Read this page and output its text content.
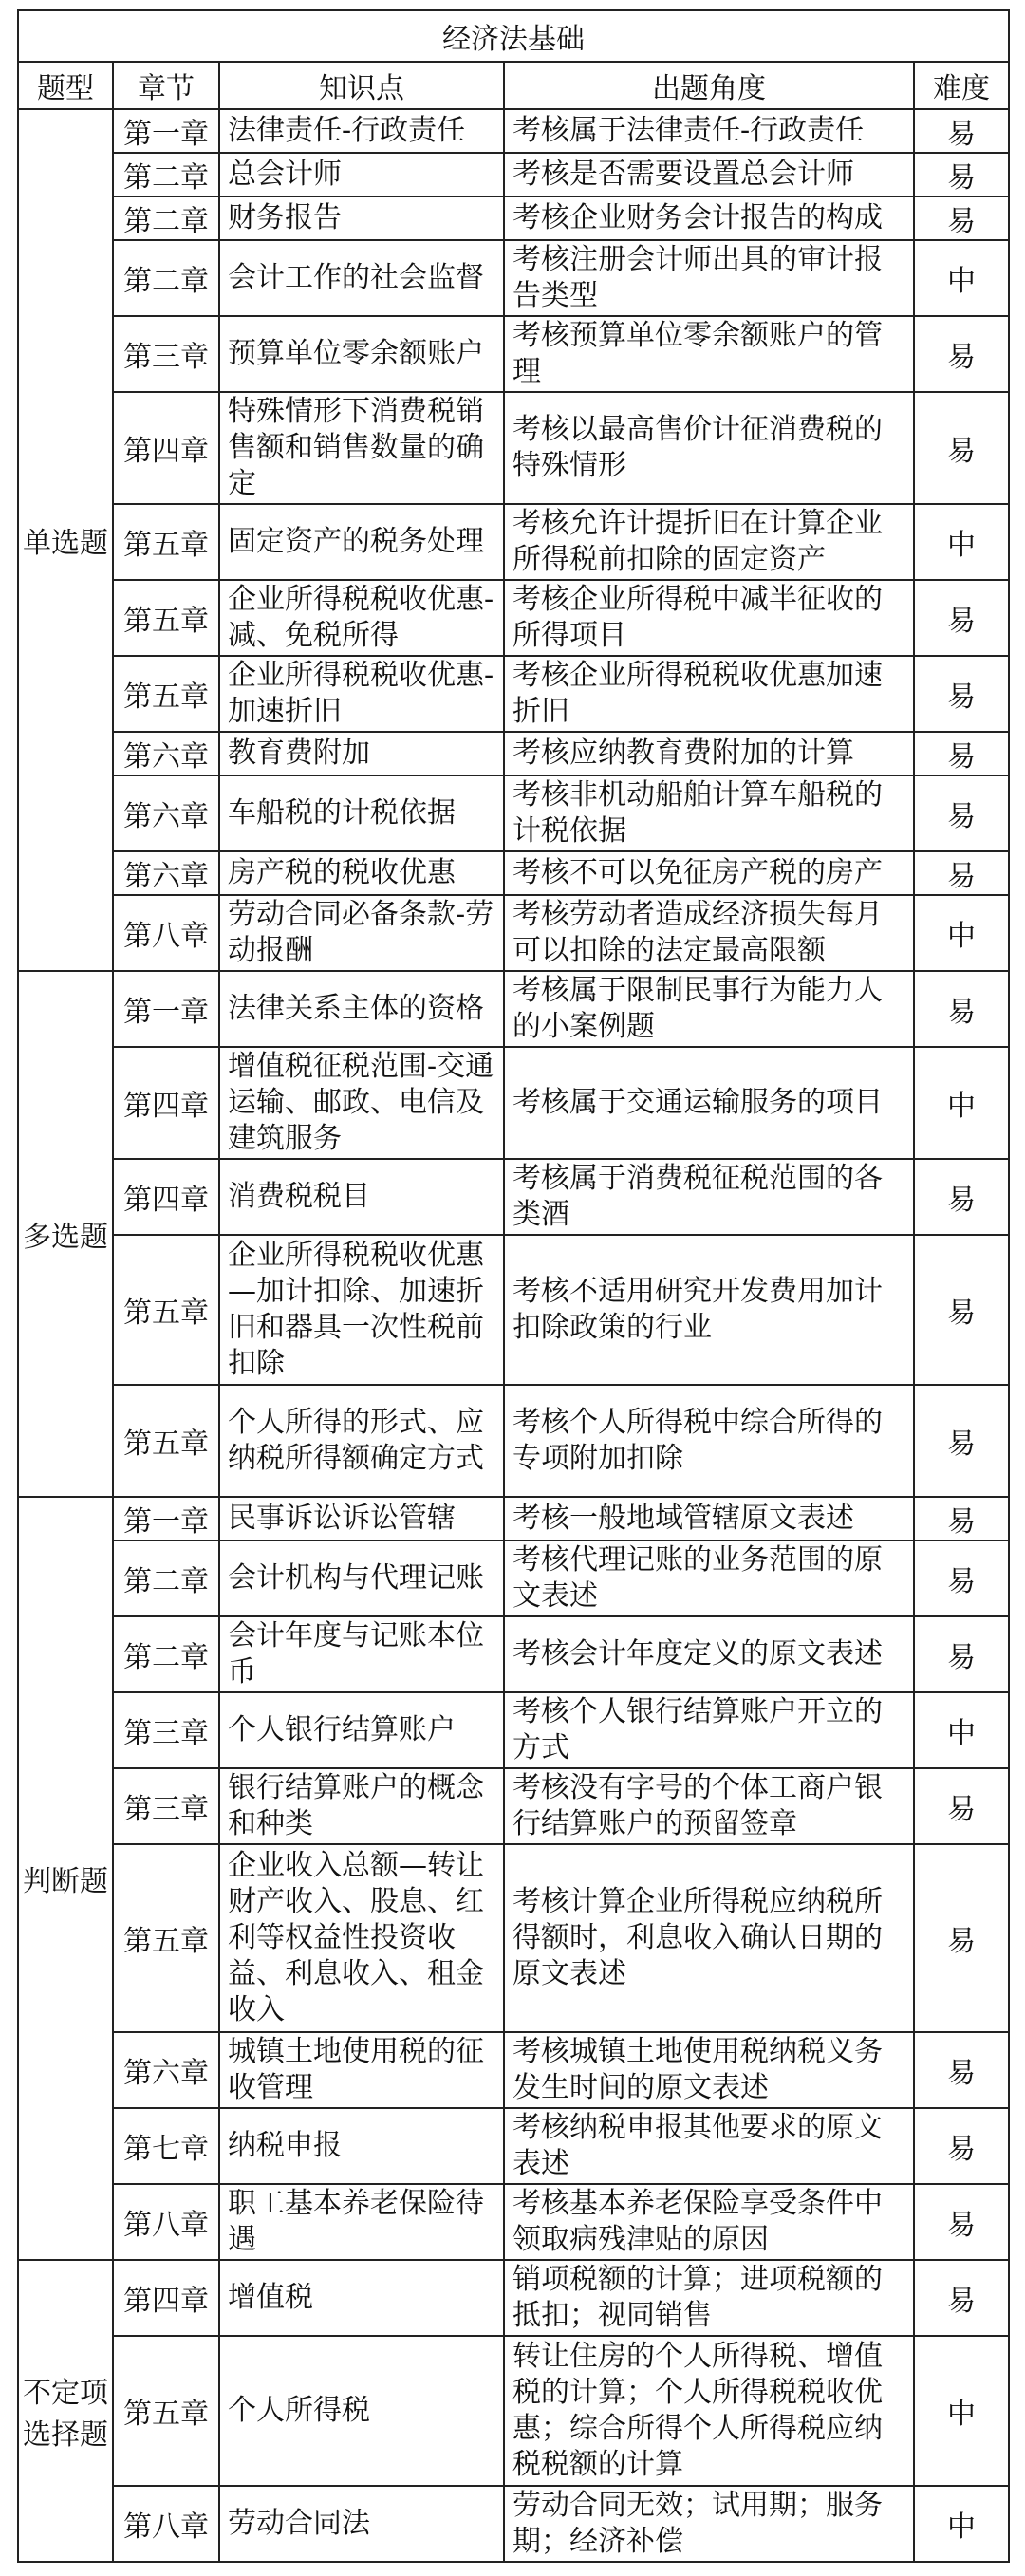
经济法基础				
题型	章节	知识点	出题角度	难度
单选题	第一章	法律责任-行政责任	考核属于法律责任-行政责任	易
	第二章	总会计师	考核是否需要设置总会计师	易
	第二章	财务报告	考核企业财务会计报告的构成	易
	第二章	会计工作的社会监督	考核注册会计师出具的审计报告类型	中
	第三章	预算单位零余额账户	考核预算单位零余额账户的管理	易
	第四章	特殊情形下消费税销售额和销售数量的确定	考核以最高售价计征消费税的特殊情形	易
	第五章	固定资产的税务处理	考核允许计提折旧在计算企业所得税前扣除的固定资产	中
	第五章	企业所得税税收优惠-减、免税所得	考核企业所得税中减半征收的所得项目	易
	第五章	企业所得税税收优惠-加速折旧	考核企业所得税税收优惠加速折旧	易
	第六章	教育费附加	考核应纳教育费附加的计算	易
	第六章	车船税的计税依据	考核非机动船舶计算车船税的计税依据	易
	第六章	房产税的税收优惠	考核不可以免征房产税的房产	易
	第八章	劳动合同必备条款-劳动报酬	考核劳动者造成经济损失每月可以扣除的法定最高限额	中
多选题	第一章	法律关系主体的资格	考核属于限制民事行为能力人的小案例题	易
	第四章	增值税征税范围-交通运输、邮政、电信及建筑服务	考核属于交通运输服务的项目	中
	第四章	消费税税目	考核属于消费税征税范围的各类酒	易
	第五章	企业所得税税收优惠—加计扣除、加速折旧和器具一次性税前扣除	考核不适用研究开发费用加计扣除政策的行业	易
	第五章	个人所得的形式、应纳税所得额确定方式	考核个人所得税中综合所得的专项附加扣除	易
判断题	第一章	民事诉讼诉讼管辖	考核一般地域管辖原文表述	易
	第二章	会计机构与代理记账	考核代理记账的业务范围的原文表述	易
	第二章	会计年度与记账本位币	考核会计年度定义的原文表述	易
	第三章	个人银行结算账户	考核个人银行结算账户开立的方式	中
	第三章	银行结算账户的概念和种类	考核没有字号的个体工商户银行结算账户的预留签章	易
	第五章	企业收入总额—转让财产收入、股息、红利等权益性投资收益、利息收入、租金收入	考核计算企业所得税应纳税所得额时，利息收入确认日期的原文表述	易
	第六章	城镇土地使用税的征收管理	考核城镇土地使用税纳税义务发生时间的原文表述	易
	第七章	纳税申报	考核纳税申报其他要求的原文表述	易
	第八章	职工基本养老保险待遇	考核基本养老保险享受条件中领取病残津贴的原因	易
不定项选择题	第四章	增值税	销项税额的计算；进项税额的抵扣；视同销售	易
	第五章	个人所得税	转让住房的个人所得税、增值税的计算；个人所得税税收优惠；综合所得个人所得税应纳税税额的计算	中
	第八章	劳动合同法	劳动合同无效；试用期；服务期；经济补偿	中
